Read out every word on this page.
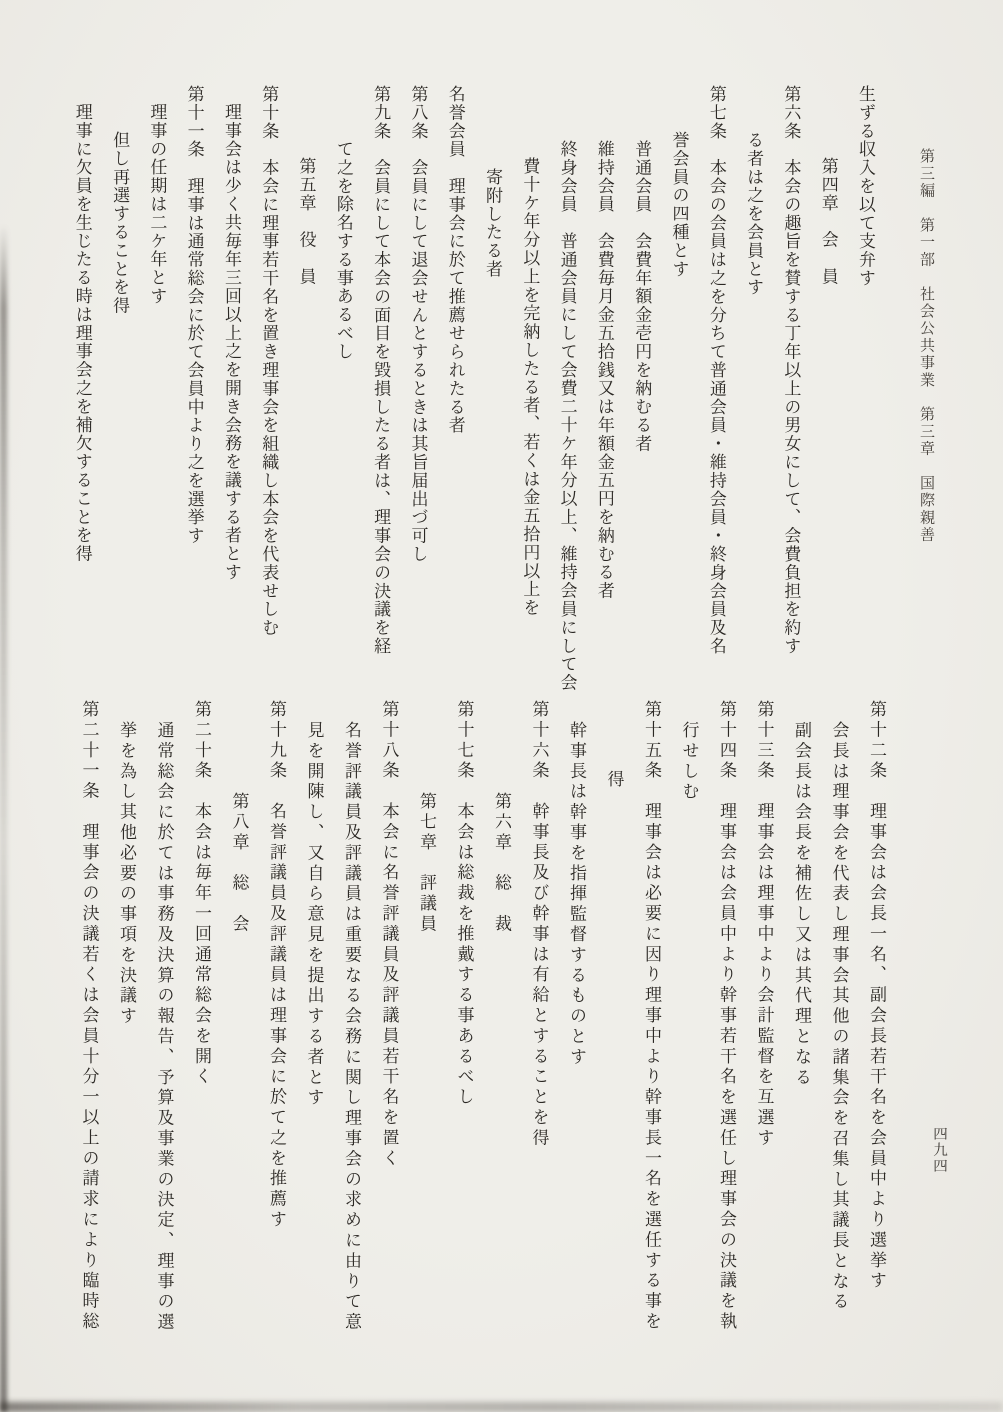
第三編　第一部　社会公共事業　第三章　国際親善
生ずる収入を以て支弁す
第四章　会　員
第六条　本会の趣旨を賛する丁年以上の男女にして、会費負担を約す
る者は之を会員とす
第七条　本会の会員は之を分ちて普通会員・維持会員・終身会員及名
誉会員の四種とす
普通会員　会費年額金壱円を納むる者
維持会員　会費毎月金五拾銭又は年額金五円を納むる者
終身会員　普通会員にして会費二十ケ年分以上、維持会員にして会
費十ケ年分以上を完納したる者、若くは金五拾円以上を
寄附したる者
名誉会員　理事会に於て推薦せられたる者
第八条　会員にして退会せんとするときは其旨届出づ可し
第九条　会員にして本会の面目を毀損したる者は、理事会の決議を経
て之を除名する事あるべし
第五章　役　員
第十条　本会に理事若干名を置き理事会を組織し本会を代表せしむ
理事会は少く共毎年三回以上之を開き会務を議する者とす
第十一条　理事は通常総会に於て会員中より之を選挙す
理事の任期は二ケ年とす
但し再選することを得
理事に欠員を生じたる時は理事会之を補欠することを得
第十二条　理事会は会長一名、副会長若干名を会員中より選挙す
会長は理事会を代表し理事会其他の諸集会を召集し其議長となる
副会長は会長を補佐し又は其代理となる
第十三条　理事会は理事中より会計監督を互選す
第十四条　理事会は会員中より幹事若干名を選任し理事会の決議を執
行せしむ
第十五条　理事会は必要に因り理事中より幹事長一名を選任する事を
得
幹事長は幹事を指揮監督するものとす
第十六条　幹事長及び幹事は有給とすることを得
第六章　総　裁
第十七条　本会は総裁を推戴する事あるべし
第七章　評議員
第十八条　本会に名誉評議員及評議員若干名を置く
名誉評議員及評議員は重要なる会務に関し理事会の求めに由りて意
見を開陳し、又自ら意見を提出する者とす
第十九条　名誉評議員及評議員は理事会に於て之を推薦す
第八章　総　会
第二十条　本会は毎年一回通常総会を開く
通常総会に於ては事務及決算の報告、予算及事業の決定、理事の選
挙を為し其他必要の事項を決議す
第二十一条　理事会の決議若くは会員十分一以上の請求により臨時総	四九四
